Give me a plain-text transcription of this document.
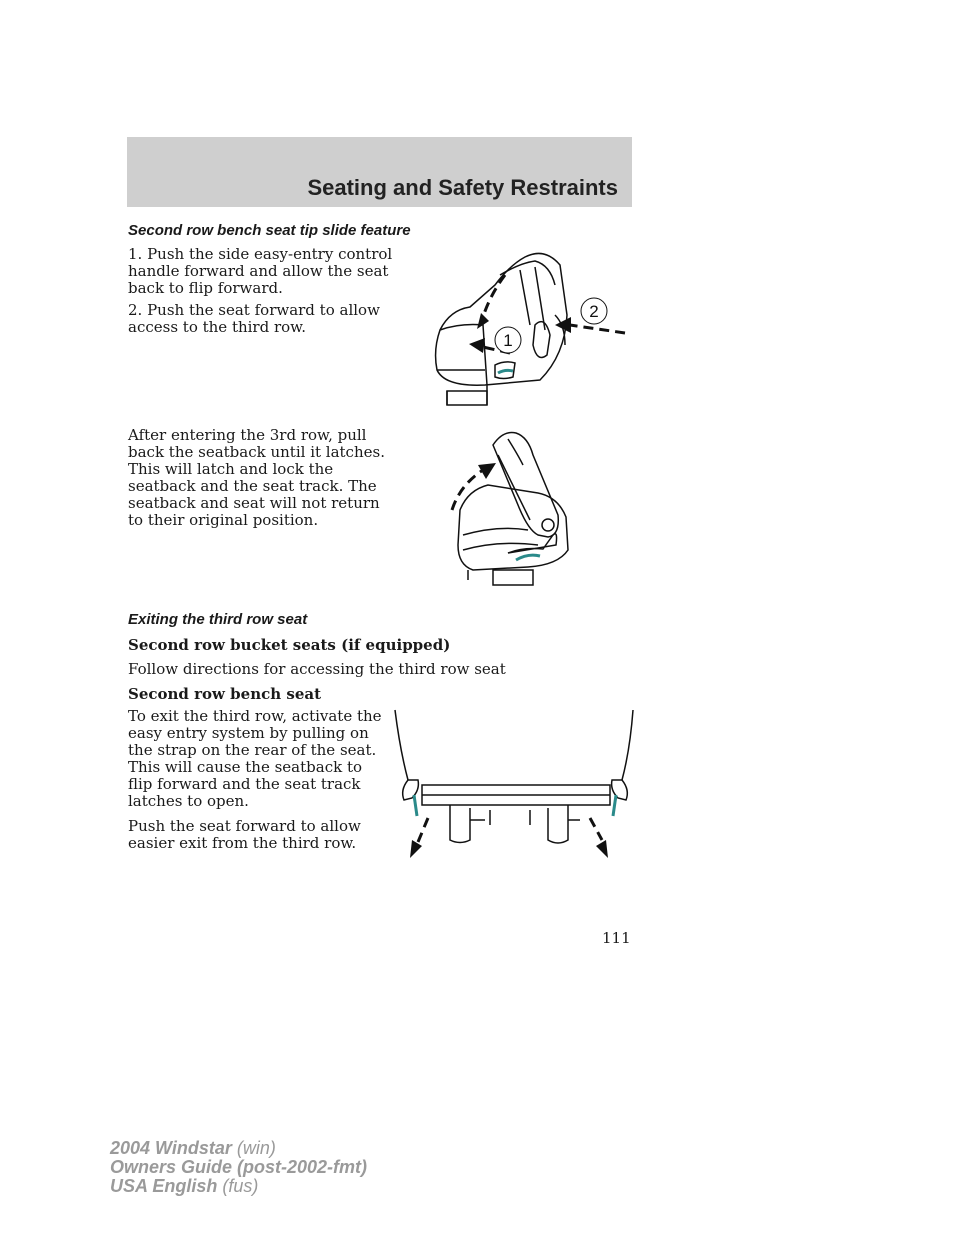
Seating and Safety Restraints
Second row bench seat tip slide feature

1. Push the side easy-entry control handle forward and allow the seat back to flip forward.

2. Push the seat forward to allow access to the third row.

After entering the 3rd row, pull back the seatback until it latches. This will latch and lock the seatback and the seat track. The seatback and seat will not return to their original position.

1
2
Exiting the third row seat
Second row bucket seats (if equipped)
Follow directions for accessing the third row seat
Second row bench seat

To exit the third row, activate the easy entry system by pulling on the strap on the rear of the seat. This will cause the seatback to flip forward and the seat track latches to open.

Push the seat forward to allow easier exit from the third row.

111
2004 Windstar (win)
Owners Guide (post-2002-fmt)
USA English (fus)
